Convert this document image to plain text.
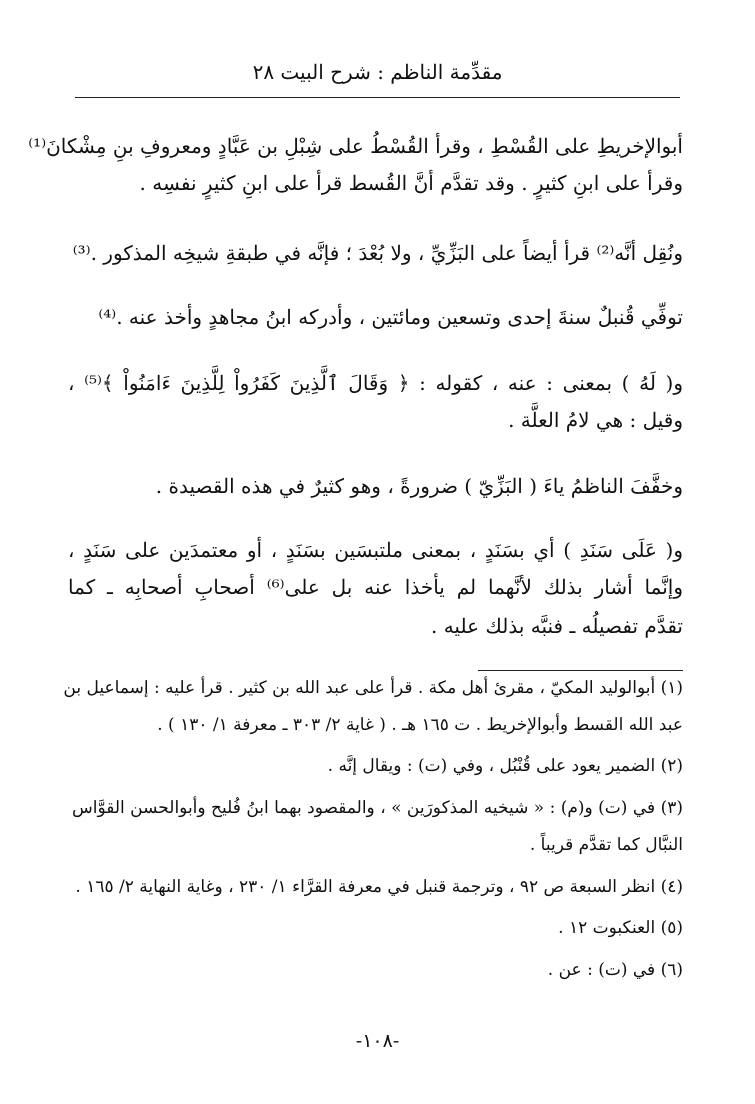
مقدِّمة الناظم : شرح البيت ٢٨
أبوالإخريطِ على القُسْطِ ، وقرأ القُسْطُ على شِبْلِ بن عَبَّادٍ ومعروفِ بنِ مِشْكانَ⁽¹⁾
وقرأ على ابنِ كثيرٍ . وقد تقدَّم أنَّ القُسط قرأ على ابنِ كثيرٍ نفسِه .
ونُقِل أنَّه⁽²⁾ قرأ أيضاً على البَزِّيِّ ، ولا بُعْدَ ؛ فإنَّه في طبقةِ شيخِه المذكور .⁽³⁾
توفِّي قُنبلٌ سنةَ إحدى وتسعين ومائتين ، وأدركه ابنُ مجاهدٍ وأخذ عنه .⁽⁴⁾
و( لَهُ ) بمعنى : عنه ، كقوله : ﴿ وَقَالَ ٱلَّذِينَ كَفَرُواْ لِلَّذِينَ ءَامَنُواْ ﴾⁽⁵⁾ ،
وقيل : هي لامُ العلَّة .
وخفَّفَ الناظمُ ياءَ ( البَزِّيّ ) ضرورةً ، وهو كثيرٌ في هذه القصيدة .
و( عَلَى سَنَدِ ) أي بسَنَدٍ ، بمعنى ملتبسَين بسَنَدٍ ، أو معتمدَين على سَنَدٍ ،
وإنَّما أشار بذلك لأنَّهما لم يأخذا عنه بل على⁽⁶⁾ أصحابِ أصحابِه ـ كما
تقدَّم تفصيلُه ـ فنبَّه بذلك عليه .
(١) أبوالوليد المكيّ ، مقرئ أهل مكة . قرأ على عبد الله بن كثير . قرأ عليه : إسماعيل بن
عبد الله القسط وأبوالإخريط . ت ١٦٥ هـ . ( غاية ٢/ ٣٠٣ ـ معرفة ١/ ١٣٠ ) .
(٢) الضمير يعود على قُنْبُل ، وفي (ت) : ويقال إنَّه .
(٣) في (ت) و(م) : « شيخيه المذكورَين » ، والمقصود بهما ابنُ فُليح وأبوالحسن القوَّاس
النبَّال كما تقدَّم قريباً .
(٤) انظر السبعة ص ٩٢ ، وترجمة قنبل في معرفة القرَّاء ١/ ٢٣٠ ، وغاية النهاية ٢/ ١٦٥ .
(٥) العنكبوت ١٢ .
(٦) في (ت) : عن .
-١٠٨-
